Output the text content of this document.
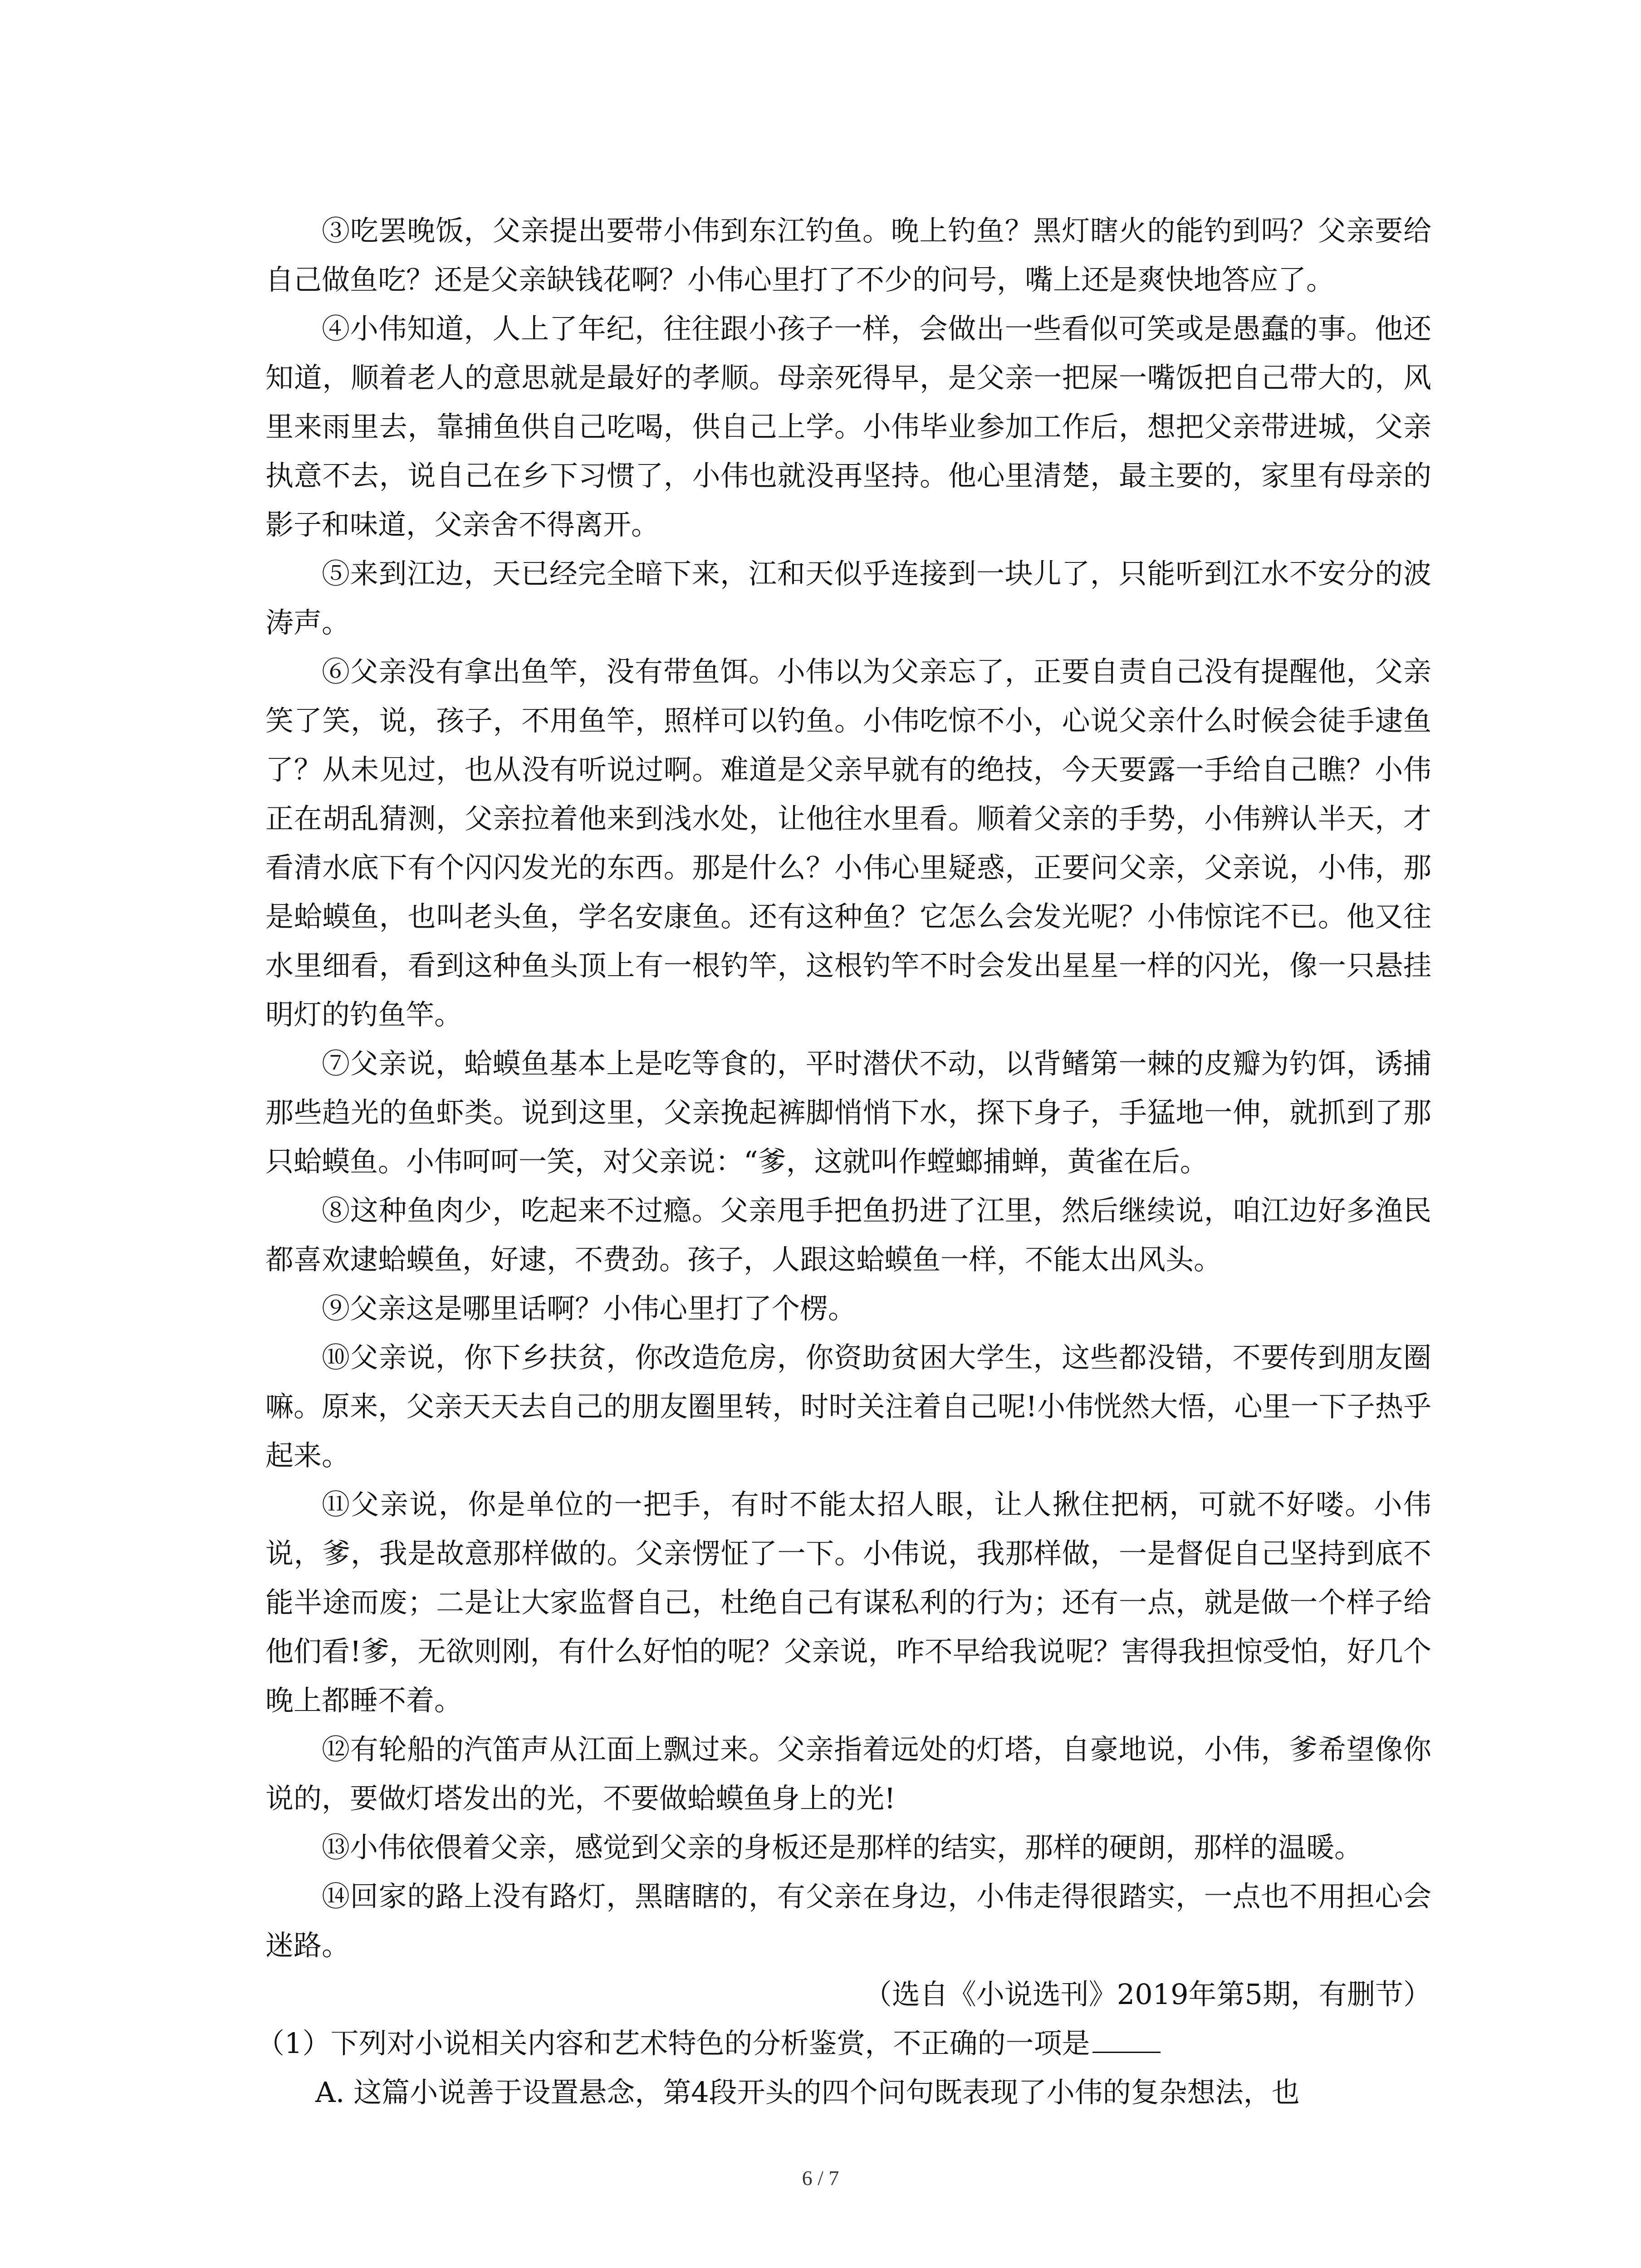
③吃罢晚饭，父亲提出要带小伟到东江钓鱼。晚上钓鱼？黑灯瞎火的能钓到吗？父亲要给自己做鱼吃？还是父亲缺钱花啊？小伟心里打了不少的问号，嘴上还是爽快地答应了。

④小伟知道，人上了年纪，往往跟小孩子一样，会做出一些看似可笑或是愚蠢的事。他还知道，顺着老人的意思就是最好的孝顺。母亲死得早，是父亲一把屎一嘴饭把自己带大的，风里来雨里去，靠捕鱼供自己吃喝，供自己上学。小伟毕业参加工作后，想把父亲带进城，父亲执意不去，说自己在乡下习惯了，小伟也就没再坚持。他心里清楚，最主要的，家里有母亲的影子和味道，父亲舍不得离开。

⑤来到江边，天已经完全暗下来，江和天似乎连接到一块儿了，只能听到江水不安分的波涛声。

⑥父亲没有拿出鱼竿，没有带鱼饵。小伟以为父亲忘了，正要自责自己没有提醒他，父亲笑了笑，说，孩子，不用鱼竿，照样可以钓鱼。小伟吃惊不小，心说父亲什么时候会徒手逮鱼了？从未见过，也从没有听说过啊。难道是父亲早就有的绝技，今天要露一手给自己瞧？小伟正在胡乱猜测，父亲拉着他来到浅水处，让他往水里看。顺着父亲的手势，小伟辨认半天，才看清水底下有个闪闪发光的东西。那是什么？小伟心里疑惑，正要问父亲，父亲说，小伟，那是蛤蟆鱼，也叫老头鱼，学名安康鱼。还有这种鱼？它怎么会发光呢？小伟惊诧不已。他又往水里细看，看到这种鱼头顶上有一根钓竿，这根钓竿不时会发出星星一样的闪光，像一只悬挂明灯的钓鱼竿。

⑦父亲说，蛤蟆鱼基本上是吃等食的，平时潜伏不动，以背鳍第一棘的皮瓣为钓饵，诱捕那些趋光的鱼虾类。说到这里，父亲挽起裤脚悄悄下水，探下身子，手猛地一伸，就抓到了那只蛤蟆鱼。小伟呵呵一笑，对父亲说：“爹，这就叫作螳螂捕蝉，黄雀在后。

⑧这种鱼肉少，吃起来不过瘾。父亲甩手把鱼扔进了江里，然后继续说，咱江边好多渔民都喜欢逮蛤蟆鱼，好逮，不费劲。孩子，人跟这蛤蟆鱼一样，不能太出风头。

⑨父亲这是哪里话啊？小伟心里打了个楞。

⑩父亲说，你下乡扶贫，你改造危房，你资助贫困大学生，这些都没错，不要传到朋友圈嘛。原来，父亲天天去自己的朋友圈里转，时时关注着自己呢!小伟恍然大悟，心里一下子热乎起来。

⑪父亲说，你是单位的一把手，有时不能太招人眼，让人揪住把柄，可就不好喽。小伟说，爹，我是故意那样做的。父亲愣怔了一下。小伟说，我那样做，一是督促自己坚持到底不能半途而废；二是让大家监督自己，杜绝自己有谋私利的行为；还有一点，就是做一个样子给他们看!爹，无欲则刚，有什么好怕的呢？父亲说，咋不早给我说呢？害得我担惊受怕，好几个晚上都睡不着。

⑫有轮船的汽笛声从江面上飘过来。父亲指着远处的灯塔，自豪地说，小伟，爹希望像你说的，要做灯塔发出的光，不要做蛤蟆鱼身上的光!

⑬小伟依偎着父亲，感觉到父亲的身板还是那样的结实，那样的硬朗，那样的温暖。

⑭回家的路上没有路灯，黑瞎瞎的，有父亲在身边，小伟走得很踏实，一点也不用担心会迷路。

（选自《小说选刊》2019年第5期，有删节）

（1）下列对小说相关内容和艺术特色的分析鉴赏，不正确的一项是

A. 这篇小说善于设置悬念，第4段开头的四个问句既表现了小伟的复杂想法，也

6 / 7
